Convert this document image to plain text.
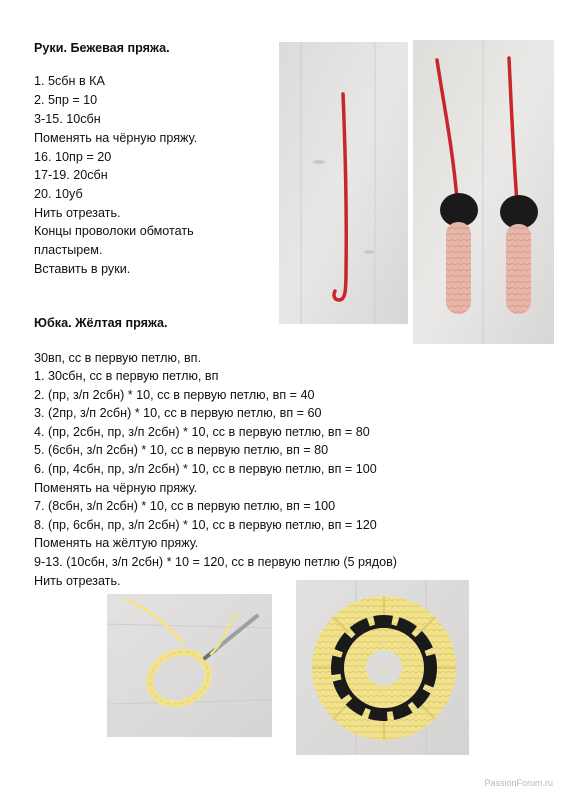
Руки. Бежевая пряжа.
1. 5сбн в КА
2. 5пр = 10
3-15. 10сбн
Поменять на чёрную пряжу.
16. 10пр = 20
17-19. 20сбн
20. 10уб
Нить отрезать.
Концы проволоки обмотать
пластырем.
Вставить в руки.
Юбка. Жёлтая пряжа.
30вп, сс в первую петлю, вп.
1. 30сбн, сс в первую петлю, вп
2. (пр, з/п 2сбн) * 10, сс в первую петлю, вп = 40
3. (2пр, з/п 2сбн) * 10, сс в первую петлю, вп = 60
4. (пр, 2сбн, пр, з/п 2сбн) * 10, сс в первую петлю, вп = 80
5. (6сбн, з/п 2сбн) * 10, сс в первую петлю, вп = 80
6. (пр, 4сбн, пр, з/п 2сбн) * 10, сс в первую петлю, вп = 100
Поменять на чёрную пряжу.
7. (8сбн, з/п 2сбн) * 10, сс в первую петлю, вп = 100
8. (пр, 6сбн, пр, з/п 2сбн) * 10, сс в первую петлю, вп = 120
Поменять на жёлтую пряжу.
9-13. (10сбн, з/п 2сбн) * 10 = 120, сс в первую петлю (5 рядов)
Нить отрезать.
PassionForum.ru
